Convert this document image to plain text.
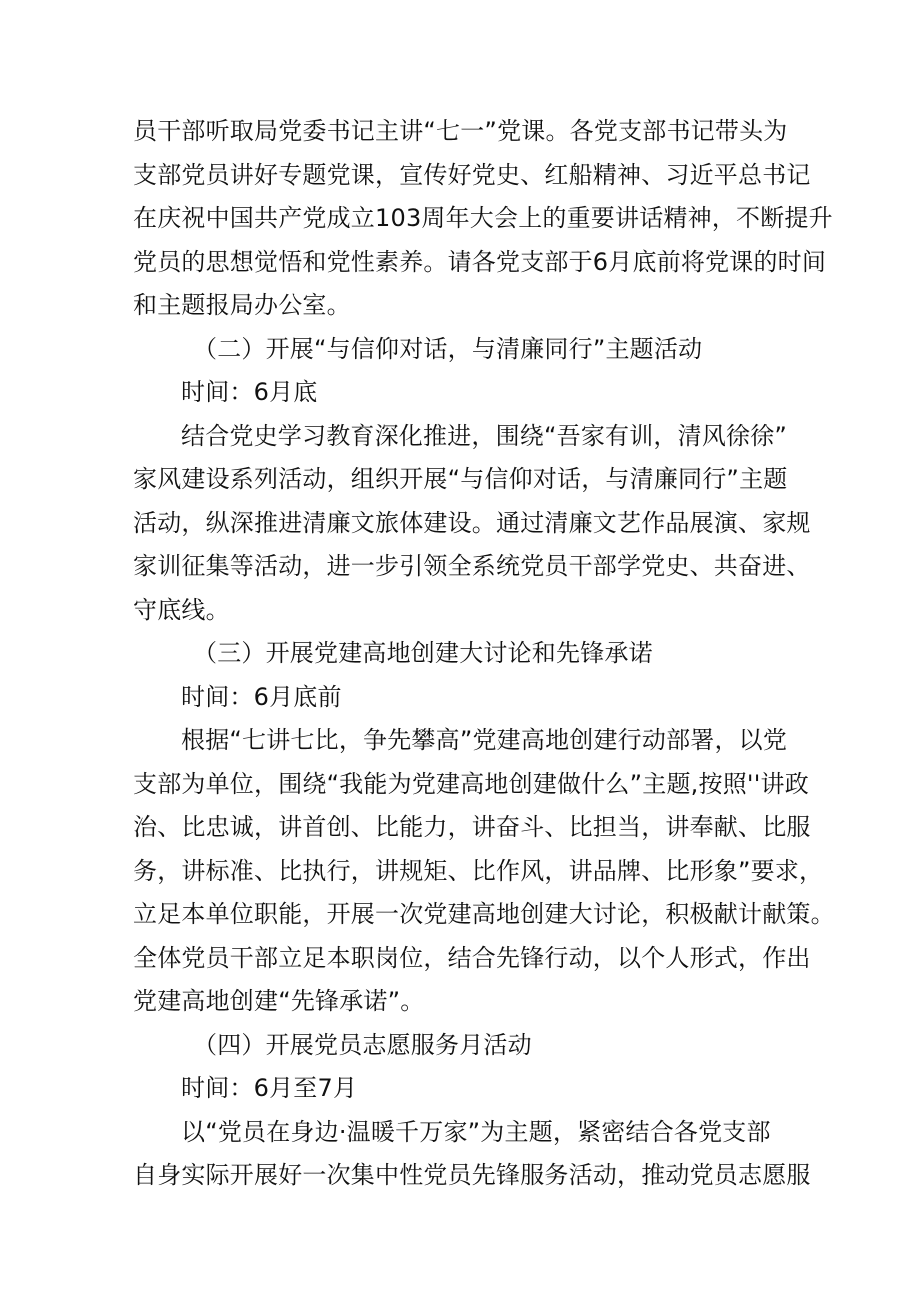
员干部听取局党委书记主讲“七一”党课。各党支部书记带头为
支部党员讲好专题党课，宣传好党史、红船精神、习近平总书记
在庆祝中国共产党成立103周年大会上的重要讲话精神，不断提升
党员的思想觉悟和党性素养。请各党支部于6月底前将党课的时间
和主题报局办公室。
（二）开展“与信仰对话，与清廉同行”主题活动
时间：6月底
结合党史学习教育深化推进，围绕“吾家有训，清风徐徐”
家风建设系列活动，组织开展“与信仰对话，与清廉同行”主题
活动，纵深推进清廉文旅体建设。通过清廉文艺作品展演、家规
家训征集等活动，进一步引领全系统党员干部学党史、共奋进、
守底线。
（三）开展党建高地创建大讨论和先锋承诺
时间：6月底前
根据“七讲七比，争先攀高”党建高地创建行动部署，以党
支部为单位，围绕“我能为党建高地创建做什么”主题,按照''讲政
治、比忠诚，讲首创、比能力，讲奋斗、比担当，讲奉献、比服
务，讲标准、比执行，讲规矩、比作风，讲品牌、比形象”要求，
立足本单位职能，开展一次党建高地创建大讨论，积极献计献策。
全体党员干部立足本职岗位，结合先锋行动，以个人形式，作出
党建高地创建“先锋承诺”。
（四）开展党员志愿服务月活动
时间：6月至7月
以“党员在身边·温暖千万家”为主题，紧密结合各党支部
自身实际开展好一次集中性党员先锋服务活动，推动党员志愿服
